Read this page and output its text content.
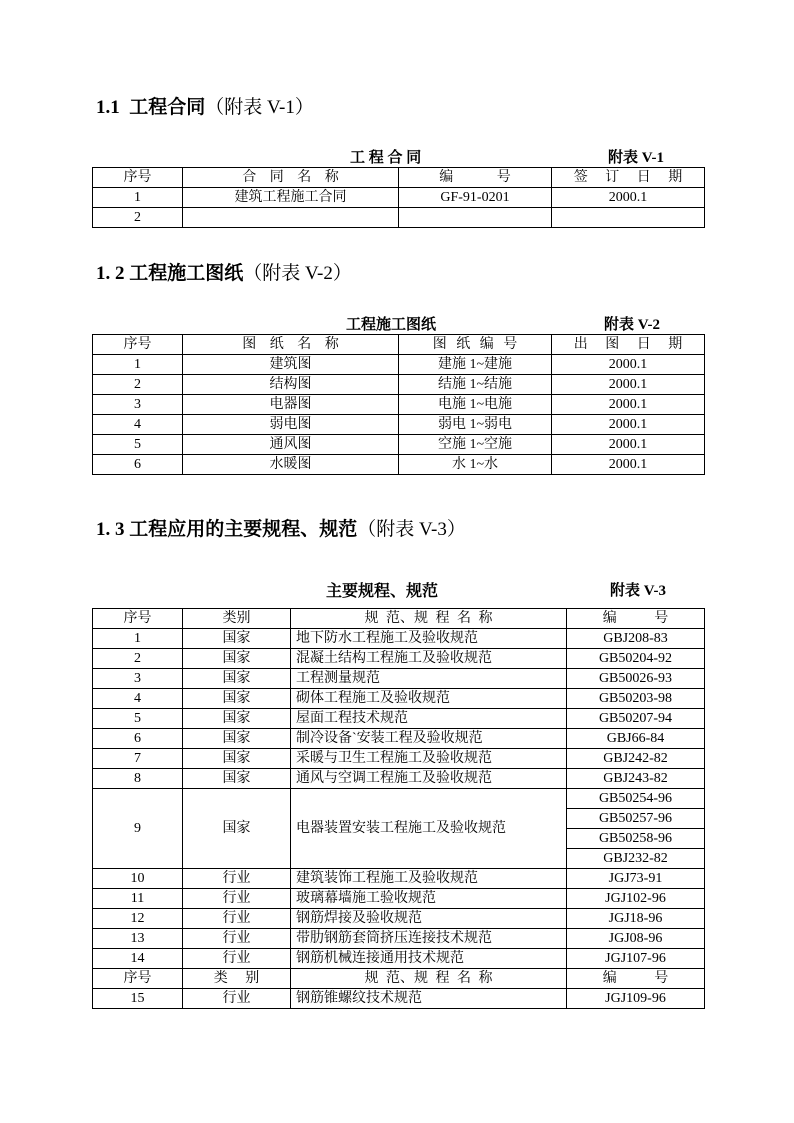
1.1 工程合同（附表 V-1）
工 程 合 同	附表 V-1
序号	合 同 名 称	编 号	签 订 日 期
1	建筑工程施工合同	GF-91-0201	2000.1
2			
1. 2 工程施工图纸（附表 V-2）
工程施工图纸	附表 V-2
序号	图 纸 名 称	图 纸 编 号	出 图 日 期
1	建筑图	建施 1~建施	2000.1
2	结构图	结施 1~结施	2000.1
3	电器图	电施 1~电施	2000.1
4	弱电图	弱电 1~弱电	2000.1
5	通风图	空施 1~空施	2000.1
6	水暖图	水 1~水	2000.1
1. 3 工程应用的主要规程、规范（附表 V-3）
主要规程、规范	附表 V-3
序号	类别	规 范、规 程 名 称	编 号
1	国家	地下防水工程施工及验收规范	GBJ208-83
2	国家	混凝土结构工程施工及验收规范	GB50204-92
3	国家	工程测量规范	GB50026-93
4	国家	砌体工程施工及验收规范	GB50203-98
5	国家	屋面工程技术规范	GB50207-94
6	国家	制冷设备`安装工程及验收规范	GBJ66-84
7	国家	采暖与卫生工程施工及验收规范	GBJ242-82
8	国家	通风与空调工程施工及验收规范	GBJ243-82
9	国家	电器装置安装工程施工及验收规范	GB50254-96
			GB50257-96
			GB50258-96
			GBJ232-82
10	行业	建筑装饰工程施工及验收规范	JGJ73-91
11	行业	玻璃幕墙施工验收规范	JGJ102-96
12	行业	钢筋焊接及验收规范	JGJ18-96
13	行业	带肋钢筋套筒挤压连接技术规范	JGJ08-96
14	行业	钢筋机械连接通用技术规范	JGJ107-96
序号	类 别	规 范、规 程 名 称	编 号
15	行业	钢筋锥螺纹技术规范	JGJ109-96
